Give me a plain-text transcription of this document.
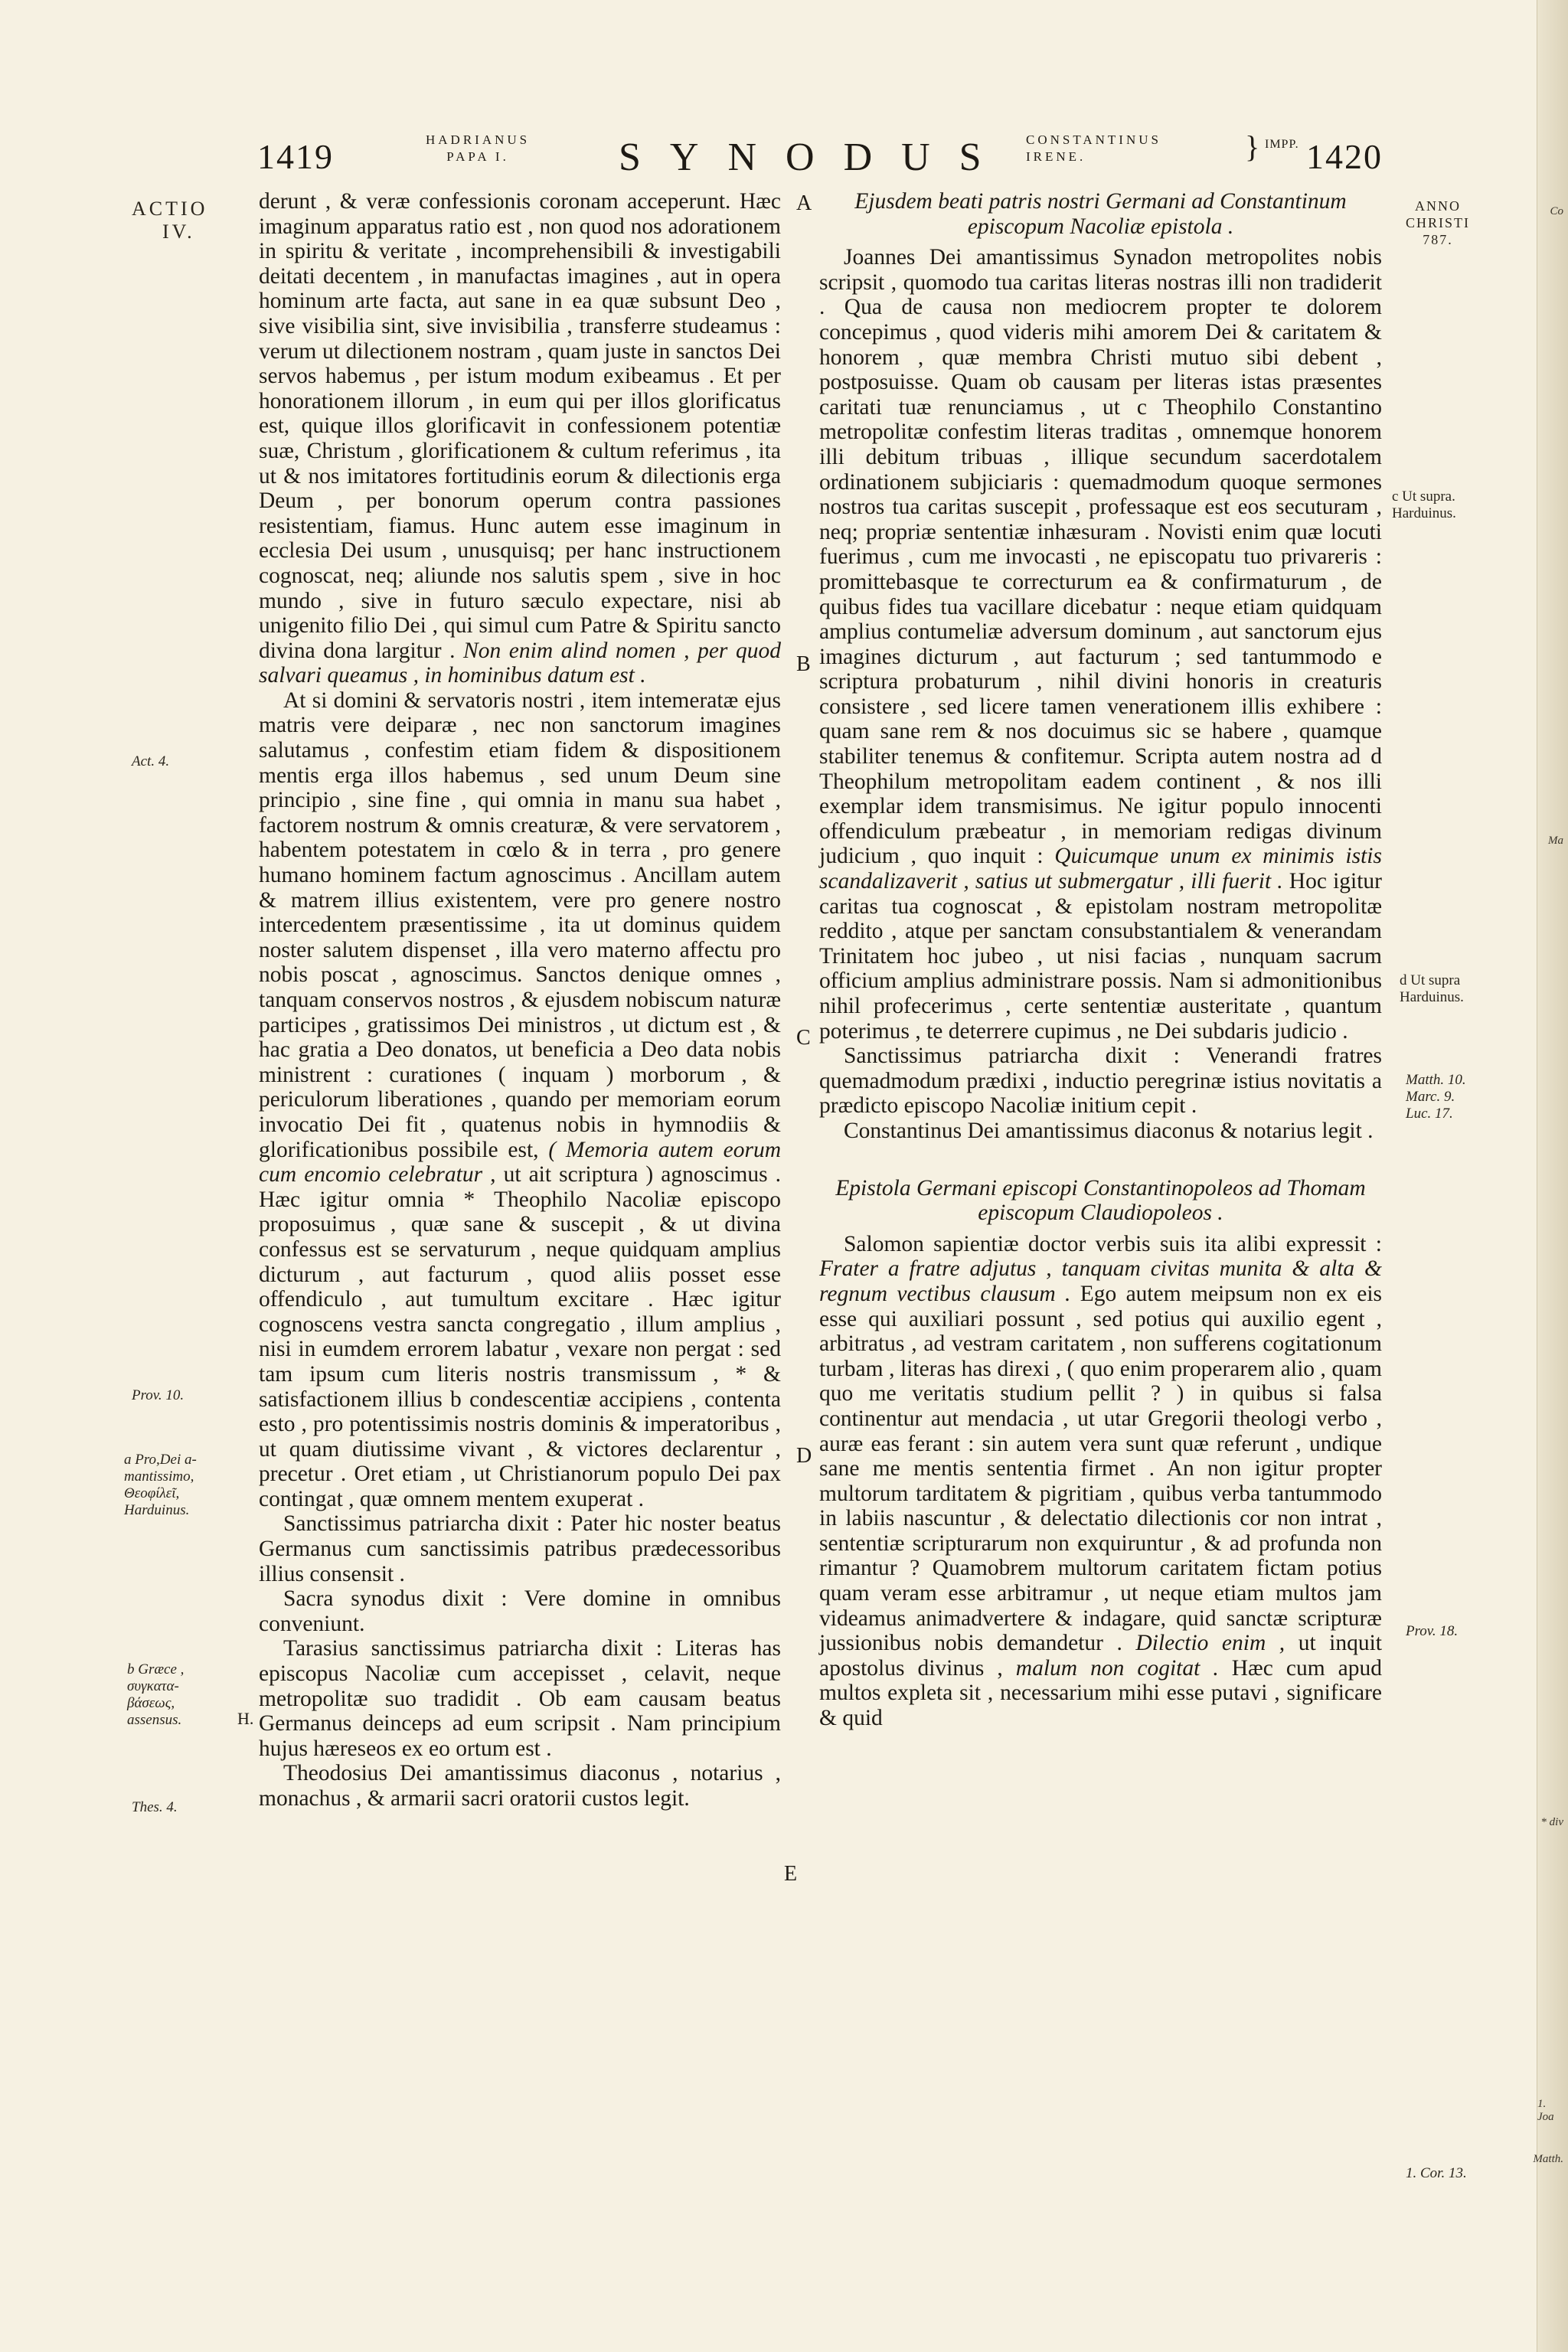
Co
Ma
* div
1. Joa
Matth.
1419	HADRIANUS
PAPA I.	SYNODUS CONSTANTINUS
IRENE.	} IMPP. 1420
ACTIO
IV.
Act. 4.
Prov. 10.
a Pro,Dei a-
mantissimo,
Θεοφίλεῖ,
Harduinus.
b Græce ,
συγκατα-
βάσεως,
assensus.
Thes. 4.
A
B
C
D
E
H.
ANNO
CHRISTI
787.
c Ut supra.
Harduinus.
d Ut supra
Harduinus.
Matth. 10.
Marc. 9.
Luc. 17.
Prov. 18.
1. Cor. 13.

derunt , & veræ confessionis coronam acceperunt. Hæc imaginum apparatus ratio est , non quod nos adorationem in spiritu & veritate , incomprehensibili & investigabili deitati decentem , in manufactas imagines , aut in opera hominum arte facta, aut sane in ea quæ subsunt Deo , sive visibilia sint, sive invisibilia , transferre studeamus : verum ut dilectionem nostram , quam juste in sanctos Dei servos habemus , per istum modum exibeamus . Et per honorationem illorum , in eum qui per illos glorificatus est, quique illos glorificavit in confessionem potentiæ suæ, Christum , glorificationem & cultum referimus , ita ut & nos imitatores fortitudinis eorum & dilectionis erga Deum , per bonorum operum contra passiones resistentiam, fiamus. Hunc autem esse imaginum in ecclesia Dei usum , unusquisq; per hanc instructionem cognoscat, neq; aliunde nos salutis spem , sive in hoc mundo , sive in futuro sæculo expectare, nisi ab unigenito filio Dei , qui simul cum Patre & Spiritu sancto divina dona largitur . Non enim alind nomen , per quod salvari queamus , in hominibus datum est .

At si domini & servatoris nostri , item intemeratæ ejus matris vere deiparæ , nec non sanctorum imagines salutamus , confestim etiam fidem & dispositionem mentis erga illos habemus , sed unum Deum sine principio , sine fine , qui omnia in manu sua habet , factorem nostrum & omnis creaturæ, & vere servatorem , habentem potestatem in cœlo & in terra , pro genere humano hominem factum agnoscimus . Ancillam autem & matrem illius existentem, vere pro genere nostro intercedentem præsentissime , ita ut dominus quidem noster salutem dispenset , illa vero materno affectu pro nobis poscat , agnoscimus. Sanctos denique omnes , tanquam conservos nostros , & ejusdem nobiscum naturæ participes , gratissimos Dei ministros , ut dictum est , & hac gratia a Deo donatos, ut beneficia a Deo data nobis ministrent : curationes ( inquam ) morborum , & periculorum liberationes , quando per memoriam eorum invocatio Dei fit , quatenus nobis in hymnodiis & glorificationibus possibile est, ( Memoria autem eorum cum encomio celebratur , ut ait scriptura ) agnoscimus . Hæc igitur omnia * Theophilo Nacoliæ episcopo proposuimus , quæ sane & suscepit , & ut divina confessus est se servaturum , neque quidquam amplius dicturum , aut facturum , quod aliis posset esse offendiculo , aut tumultum excitare . Hæc igitur cognoscens vestra sancta congregatio , illum amplius , nisi in eumdem errorem labatur , vexare non pergat : sed tam ipsum cum literis nostris transmissum , * & satisfactionem illius b condescentiæ accipiens , contenta esto , pro potentissimis nostris dominis & imperatoribus , ut quam diutissime vivant , & victores declarentur , precetur . Oret etiam , ut Christianorum populo Dei pax contingat , quæ omnem mentem exuperat .

Sanctissimus patriarcha dixit : Pater hic noster beatus Germanus cum sanctissimis patribus prædecessoribus illius consensit .

Sacra synodus dixit : Vere domine in omnibus conveniunt.

Tarasius sanctissimus patriarcha dixit : Literas has episcopus Nacoliæ cum accepisset , celavit, neque metropolitæ suo tradidit . Ob eam causam beatus Germanus deinceps ad eum scripsit . Nam principium hujus hæreseos ex eo ortum est .

Theodosius Dei amantissimus diaconus , notarius , monachus , & armarii sacri oratorii custos legit.

Ejusdem beati patris nostri Germani ad Constantinum episcopum Nacoliæ epistola .

Joannes Dei amantissimus Synadon metropolites nobis scripsit , quomodo tua caritas literas nostras illi non tradiderit . Qua de causa non mediocrem propter te dolorem concepimus , quod videris mihi amorem Dei & caritatem & honorem , quæ membra Christi mutuo sibi debent , postposuisse. Quam ob causam per literas istas præsentes caritati tuæ renunciamus , ut c Theophilo Constantino metropolitæ confestim literas traditas , omnemque honorem illi debitum tribuas , illique secundum sacerdotalem ordinationem subjiciaris : quemadmodum quoque sermones nostros tua caritas suscepit , professaque est eos secuturam , neq; propriæ sententiæ inhæsuram . Novisti enim quæ locuti fuerimus , cum me invocasti , ne episcopatu tuo privareris : promittebasque te correcturum ea & confirmaturum , de quibus fides tua vacillare dicebatur : neque etiam quidquam amplius contumeliæ adversum dominum , aut sanctorum ejus imagines dicturum , aut facturum ; sed tantummodo e scriptura probaturum , nihil divini honoris in creaturis consistere , sed licere tamen venerationem illis exhibere : quam sane rem & nos docuimus sic se habere , quamque stabiliter tenemus & confitemur. Scripta autem nostra ad d Theophilum metropolitam eadem continent , & nos illi exemplar idem transmisimus. Ne igitur populo innocenti offendiculum præbeatur , in memoriam redigas divinum judicium , quo inquit : Quicumque unum ex minimis istis scandalizaverit , satius ut submergatur , illi fuerit . Hoc igitur caritas tua cognoscat , & epistolam nostram metropolitæ reddito , atque per sanctam consubstantialem & venerandam Trinitatem hoc jubeo , ut nisi facias , nunquam sacrum officium amplius administrare possis. Nam si admonitionibus nihil profecerimus , certe sententiæ austeritate , quantum poterimus , te deterrere cupimus , ne Dei subdaris judicio .

Sanctissimus patriarcha dixit : Venerandi fratres quemadmodum prædixi , inductio peregrinæ istius novitatis a prædicto episcopo Nacoliæ initium cepit .

Constantinus Dei amantissimus diaconus & notarius legit .

Epistola Germani episcopi Constantinopoleos ad Thomam episcopum Claudiopoleos .

Salomon sapientiæ doctor verbis suis ita alibi expressit : Frater a fratre adjutus , tanquam civitas munita & alta & regnum vectibus clausum . Ego autem meipsum non ex eis esse qui auxiliari possunt , sed potius qui auxilio egent , arbitratus , ad vestram caritatem , non sufferens cogitationum turbam , literas has direxi , ( quo enim properarem alio , quam quo me veritatis studium pellit ? ) in quibus si falsa continentur aut mendacia , ut utar Gregorii theologi verbo , auræ eas ferant : sin autem vera sunt quæ referunt , undique sane me mentis sententia firmet . An non igitur propter multorum tarditatem & pigritiam , quibus verba tantummodo in labiis nascuntur , & delectatio dilectionis cor non intrat , sententiæ scripturarum non exquiruntur , & ad profunda non rimantur ? Quamobrem multorum caritatem fictam potius quam veram esse arbitramur , ut neque etiam multos jam videamus animadvertere & indagare, quid sanctæ scripturæ jussionibus nobis demandetur . Dilectio enim , ut inquit apostolus divinus , malum non cogitat . Hæc cum apud multos expleta sit , necessarium mihi esse putavi , significare & quid
